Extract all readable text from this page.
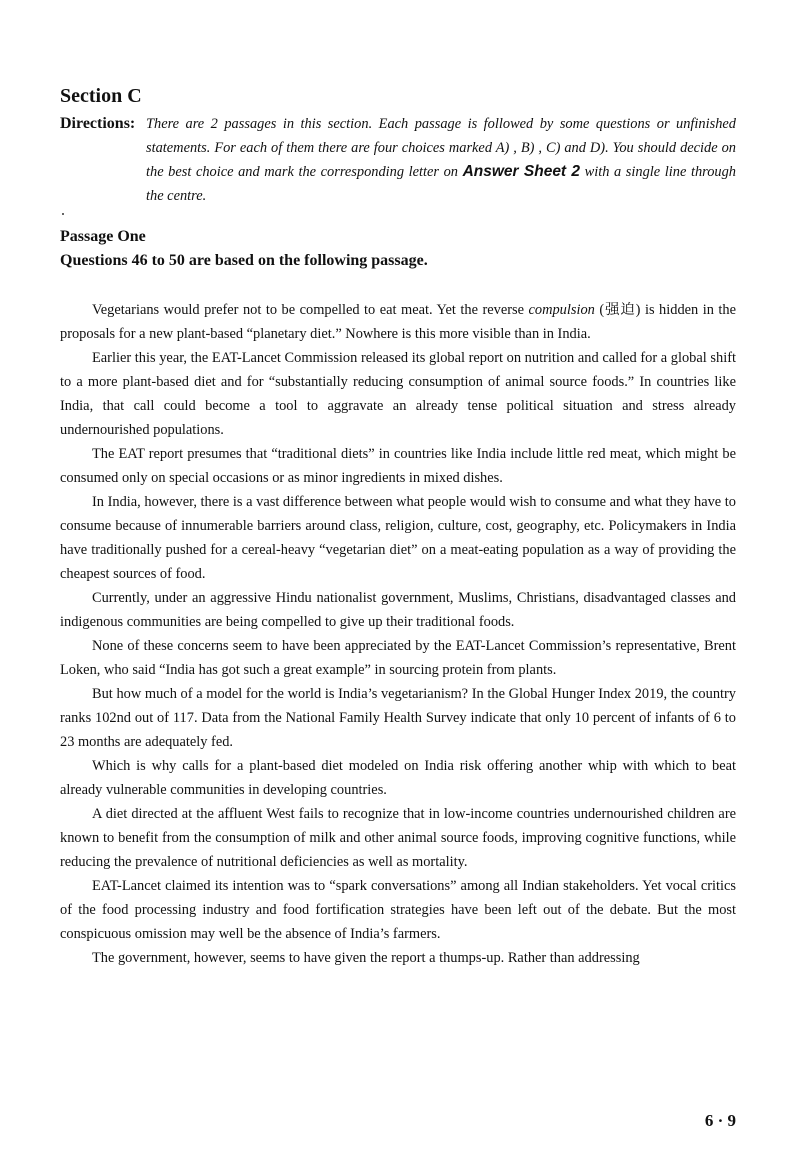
Section C
Directions: There are 2 passages in this section. Each passage is followed by some questions or unfinished statements. For each of them there are four choices marked A) , B) , C) and D). You should decide on the best choice and mark the corresponding letter on Answer Sheet 2 with a single line through the centre.
Passage One
Questions 46 to 50 are based on the following passage.

Vegetarians would prefer not to be compelled to eat meat. Yet the reverse compulsion (强迫) is hidden in the proposals for a new plant-based “planetary diet.” Nowhere is this more visible than in India.

Earlier this year, the EAT-Lancet Commission released its global report on nutrition and called for a global shift to a more plant-based diet and for “substantially reducing consumption of animal source foods.” In countries like India, that call could become a tool to aggravate an already tense political situation and stress already undernourished populations.

The EAT report presumes that “traditional diets” in countries like India include little red meat, which might be consumed only on special occasions or as minor ingredients in mixed dishes.

In India, however, there is a vast difference between what people would wish to consume and what they have to consume because of innumerable barriers around class, religion, culture, cost, geography, etc. Policymakers in India have traditionally pushed for a cereal-heavy “vegetarian diet” on a meat-eating population as a way of providing the cheapest sources of food.

Currently, under an aggressive Hindu nationalist government, Muslims, Christians, disadvantaged classes and indigenous communities are being compelled to give up their traditional foods.

None of these concerns seem to have been appreciated by the EAT-Lancet Commission’s representative, Brent Loken, who said “India has got such a great example” in sourcing protein from plants.

But how much of a model for the world is India’s vegetarianism? In the Global Hunger Index 2019, the country ranks 102nd out of 117. Data from the National Family Health Survey indicate that only 10 percent of infants of 6 to 23 months are adequately fed.

Which is why calls for a plant-based diet modeled on India risk offering another whip with which to beat already vulnerable communities in developing countries.

A diet directed at the affluent West fails to recognize that in low-income countries undernourished children are known to benefit from the consumption of milk and other animal source foods, improving cognitive functions, while reducing the prevalence of nutritional deficiencies as well as mortality.

EAT-Lancet claimed its intention was to “spark conversations” among all Indian stakeholders. Yet vocal critics of the food processing industry and food fortification strategies have been left out of the debate. But the most conspicuous omission may well be the absence of India’s farmers.

The government, however, seems to have given the report a thumps-up. Rather than addressing

6 · 9
